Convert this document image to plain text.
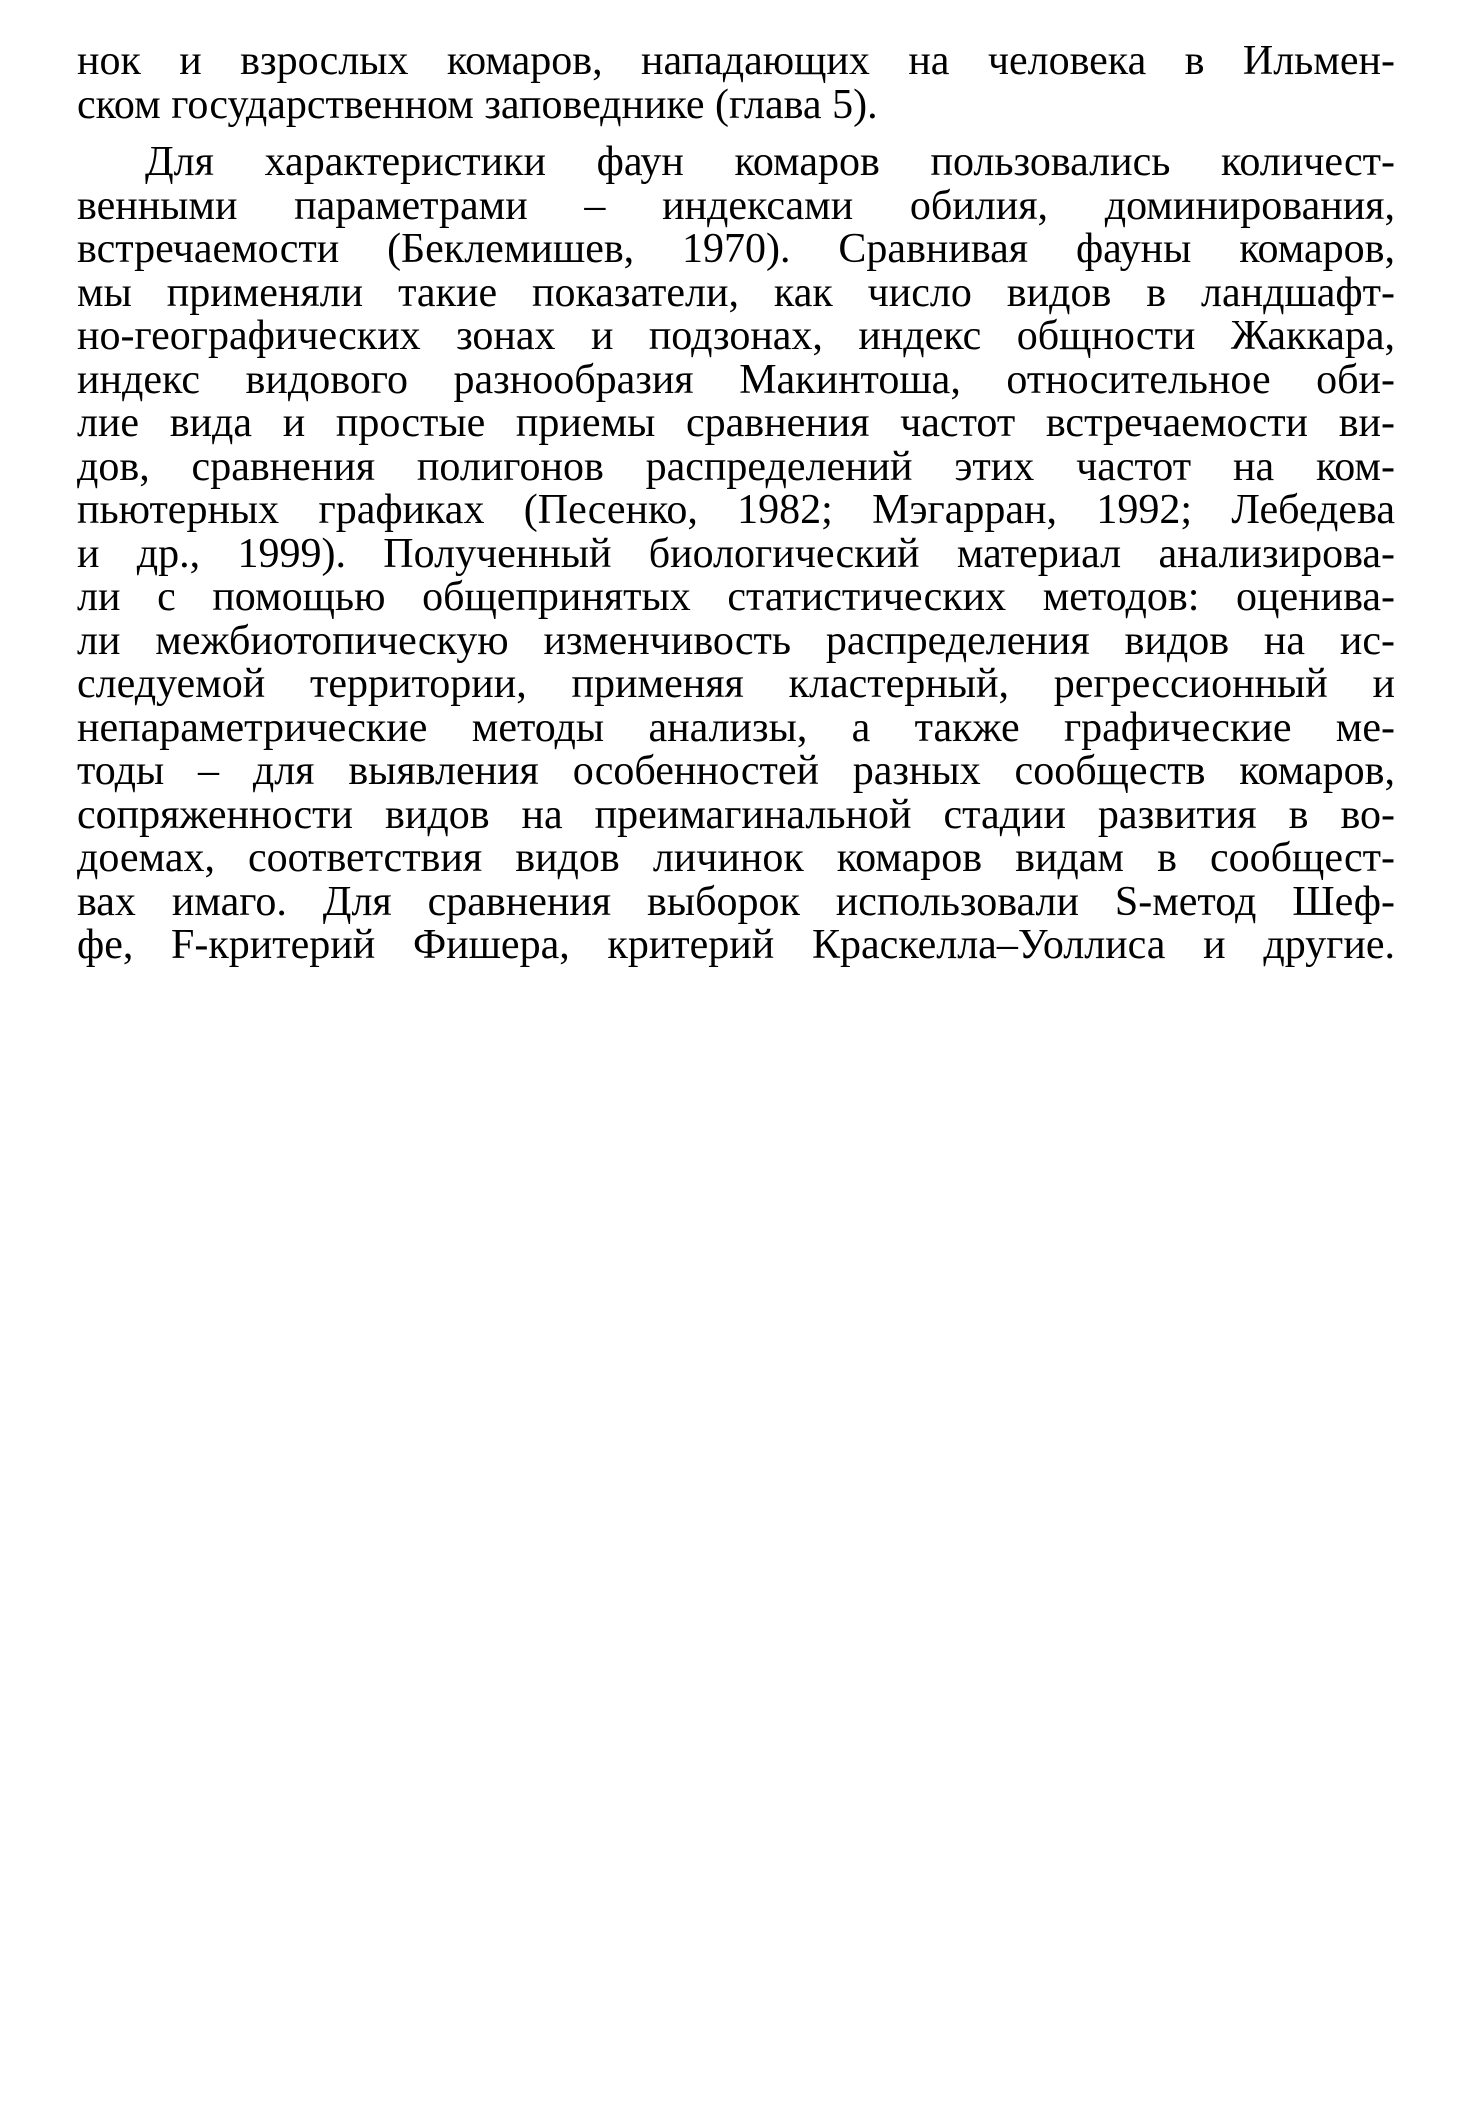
нок и взрослых комаров, нападающих на человека в Ильмен-
ском государственном заповеднике (глава 5).
Для характеристики фаун комаров пользовались количест-
венными параметрами – индексами обилия, доминирования,
встречаемости (Беклемишев, 1970). Сравнивая фауны комаров,
мы применяли такие показатели, как число видов в ландшафт-
но-географических зонах и подзонах, индекс общности Жаккара,
индекс видового разнообразия Макинтоша, относительное оби-
лие вида и простые приемы сравнения частот встречаемости ви-
дов, сравнения полигонов распределений этих частот на ком-
пьютерных графиках (Песенко, 1982; Мэгарран, 1992; Лебедева
и др., 1999). Полученный биологический материал анализирова-
ли с помощью общепринятых статистических методов: оценива-
ли межбиотопическую изменчивость распределения видов на ис-
следуемой территории, применяя кластерный, регрессионный и
непараметрические методы анализы, а также графические ме-
тоды – для выявления особенностей разных сообществ комаров,
сопряженности видов на преимагинальной стадии развития в во-
доемах, соответствия видов личинок комаров видам в сообщест-
вах имаго. Для сравнения выборок использовали S-метод Шеф-
фе, F-критерий Фишера, критерий Краскелла–Уоллиса и другие.
